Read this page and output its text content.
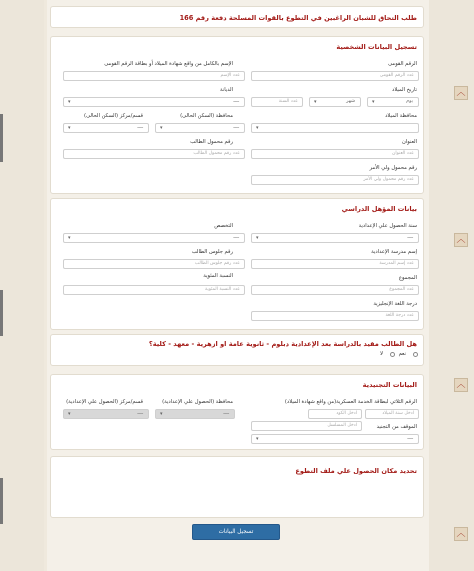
︿
︿
︿
︿
طلب التحاق للشبان الراغبين في التطوع بالقوات المسلحة دفعة رقم 166
تسجيل البيانات الشخصية
الرقم القومى
الإسم بالكامل من واقع شهادة الميلاد أو بطاقة الرقم القومى
عدد الرقم القومى
عدد الإسم
تاريخ الميلاد
الديانة
يوم
▾
شهر
▾
عدد السنة
ــــ
▾
محافظة الميلاد
محافظة (السكن الحالى)
قسم/مركز (السكن الحالى)
▾
ــــ
▾
ــــ
▾
العنوان
رقم محمول الطالب
عدد العنوان
عدد رقم محمول الطالب
رقم محمول ولي الأمر
عدد رقم محمول ولي الأمر
بيانات المؤهل الدراسي
سنة الحصول علي الإعدادية
التخصص
ــــ
▾
ــــ
▾
إسم مدرسة الإعدادية
رقم جلوس الطالب
عدد إسم المدرسة
عدد رقم جلوس الطالب
المجموع
النسبة المئوية
عدد المجموع
عدد النسبة المئوية
درجة اللغة الإنجليزية
عدد درجة اللغة
هل الطالب مقيد بالدراسة بعد الإعدادية دبلوم - ثانوية عامة او ازهرية - معهد - كلية؟
نعم
لا
البيانات التجنيدية
الرقم الثلاثي لبطاقة الخدمة العسكرية(من واقع شهادة الميلاد)
محافظة (الحصول علي الإعدادية)
قسم/مركز (الحصول علي الإعدادية)
ادخل سنة الميلاد
ادخل الكود
ادخل المسلسل
ــــ
▾
ــــ
▾
الموقف من التجنيد
ــــ
▾
تحديد مكان الحصول علي ملف التطوع
تسجيل البيانات
